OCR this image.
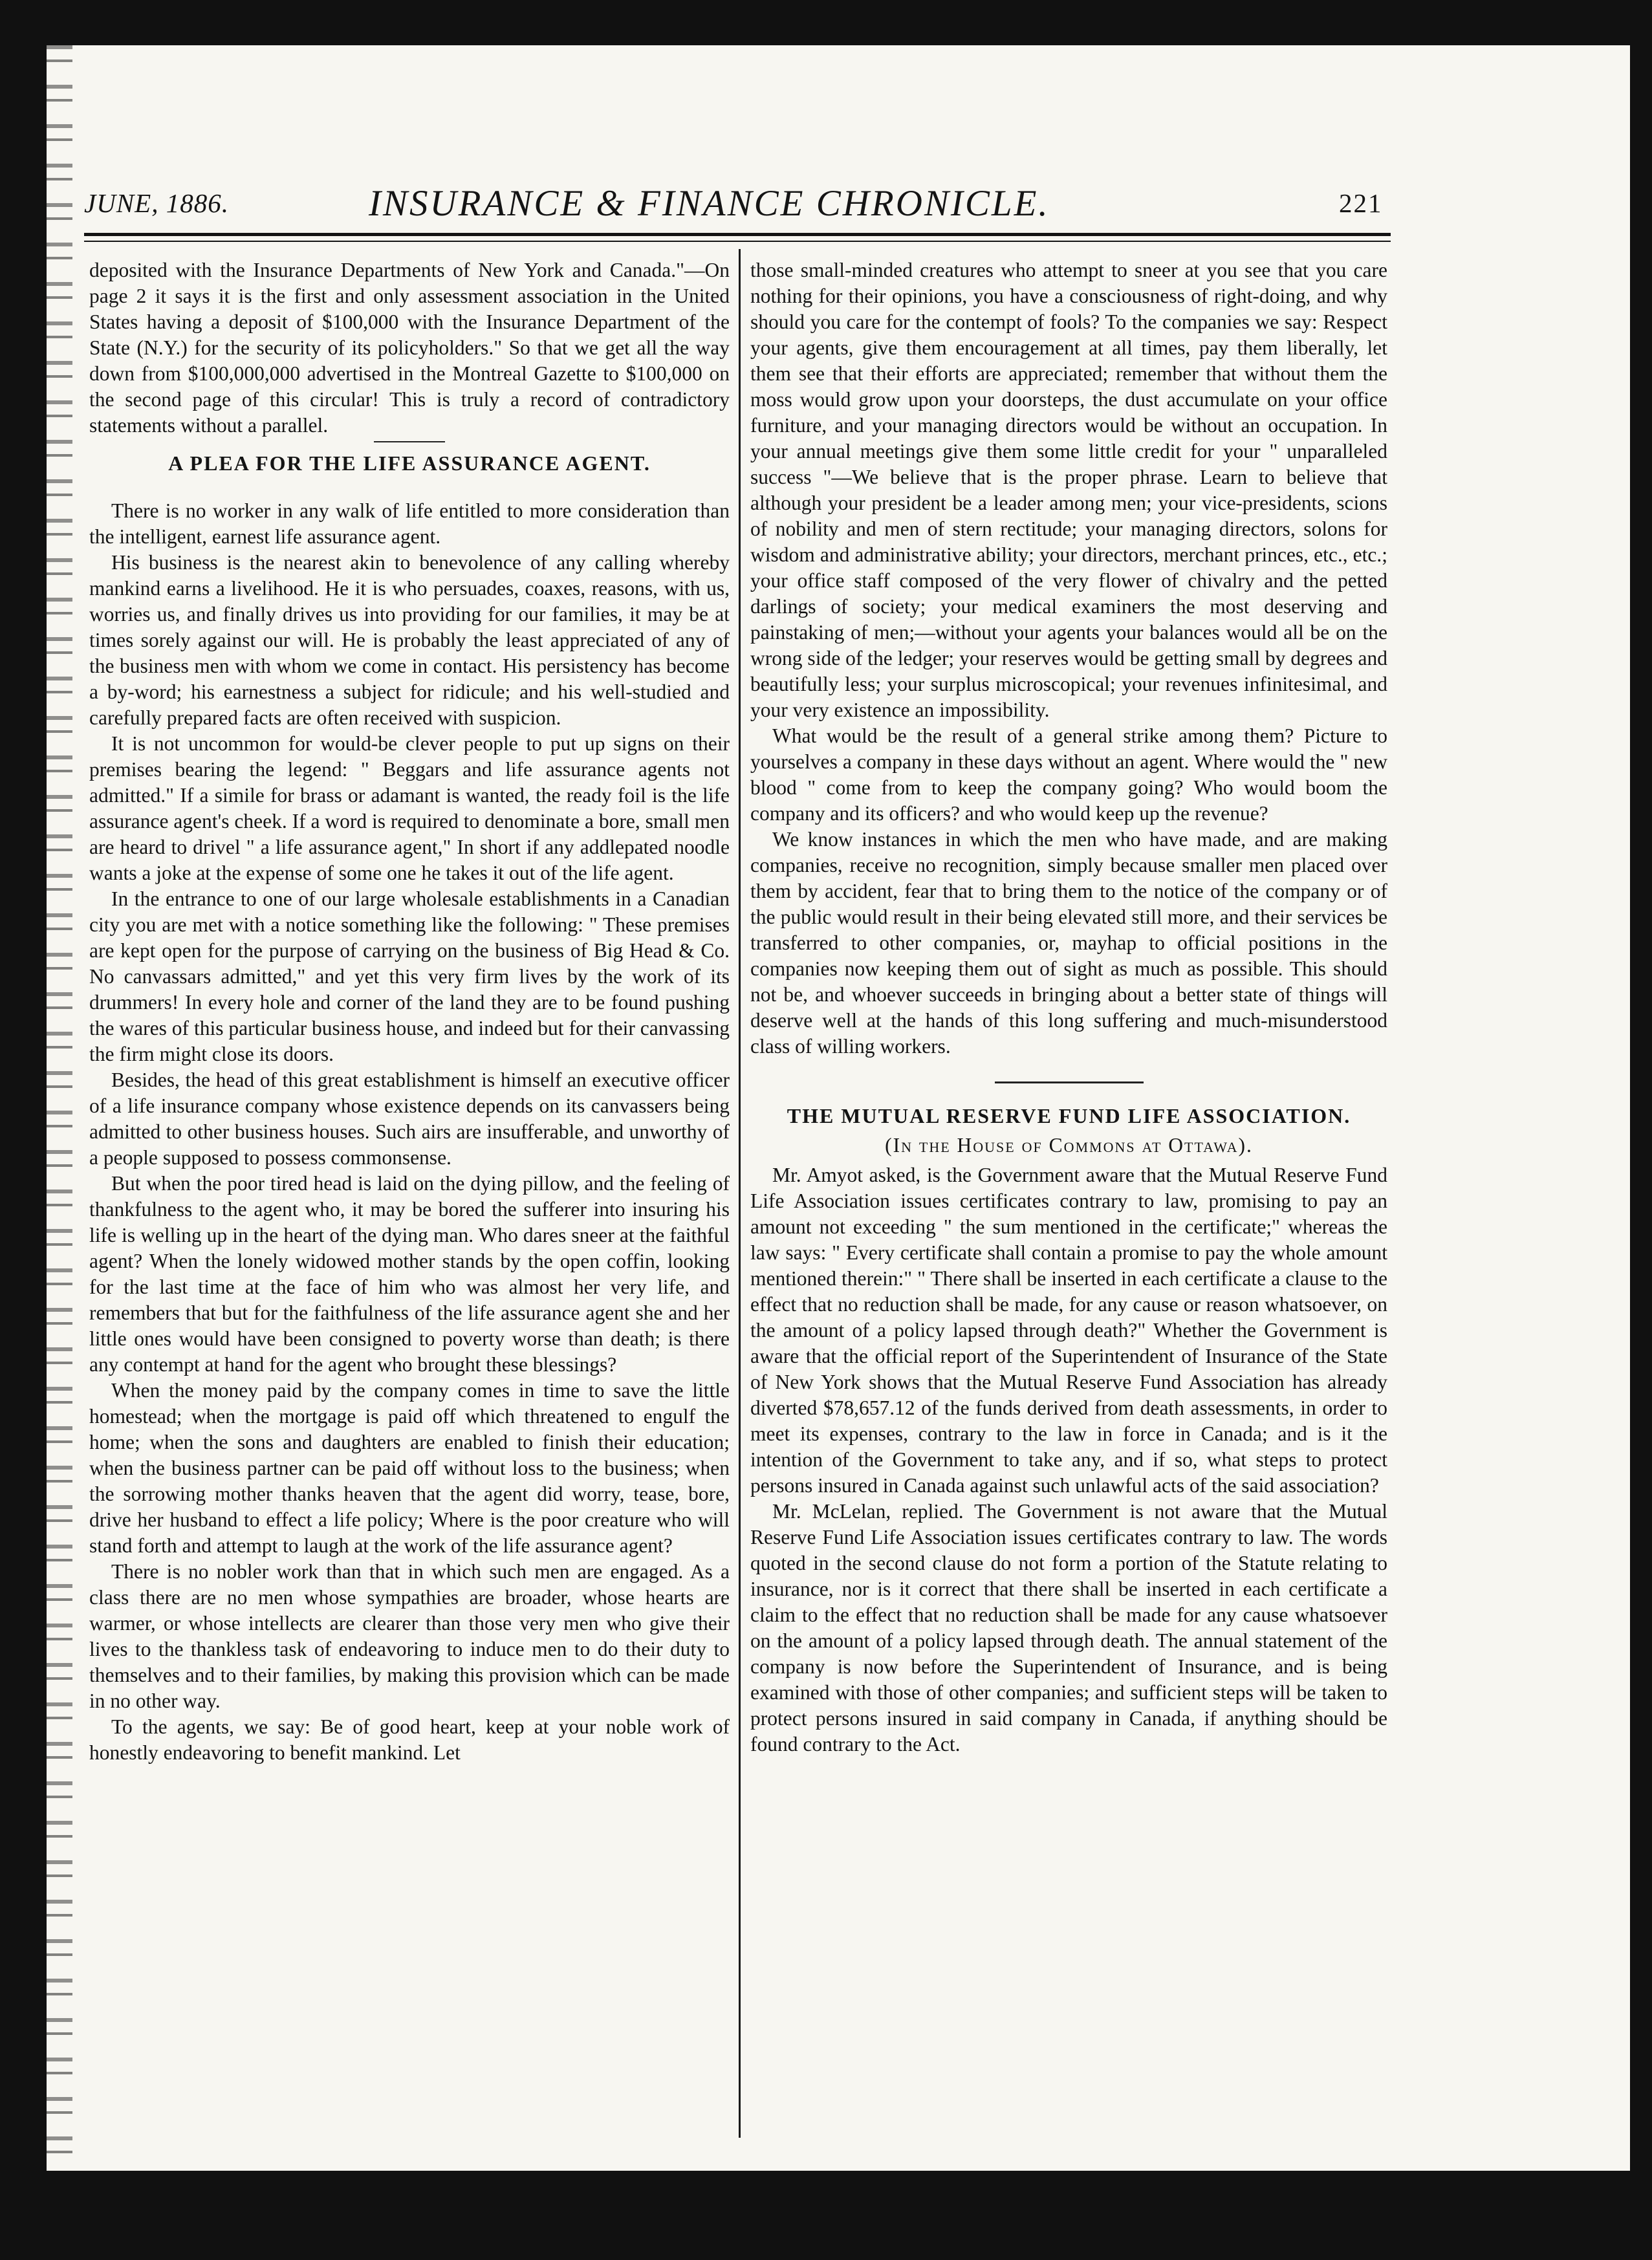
JUNE, 1886.	INSURANCE & FINANCE CHRONICLE.	221

deposited with the Insurance Departments of New York and Canada."—On page 2 it says it is the first and only assessment association in the United States having a deposit of $100,000 with the Insurance Department of the State (N.Y.) for the security of its policyholders." So that we get all the way down from $100,000,000 advertised in the Montreal Gazette to $100,000 on the second page of this circular! This is truly a record of contradictory statements without a parallel.

A PLEA FOR THE LIFE ASSURANCE AGENT.

There is no worker in any walk of life entitled to more consideration than the intelligent, earnest life assurance agent.

His business is the nearest akin to benevolence of any calling whereby mankind earns a livelihood. He it is who persuades, coaxes, reasons, with us, worries us, and finally drives us into providing for our families, it may be at times sorely against our will. He is probably the least appreciated of any of the business men with whom we come in contact. His persistency has become a by-word; his earnestness a subject for ridicule; and his well-studied and carefully prepared facts are often received with suspicion.

It is not uncommon for would-be clever people to put up signs on their premises bearing the legend: " Beggars and life assurance agents not admitted." If a simile for brass or adamant is wanted, the ready foil is the life assurance agent's cheek. If a word is required to denominate a bore, small men are heard to drivel " a life assurance agent," In short if any addlepated noodle wants a joke at the expense of some one he takes it out of the life agent.

In the entrance to one of our large wholesale establishments in a Canadian city you are met with a notice something like the following: " These premises are kept open for the purpose of carrying on the business of Big Head & Co. No canvassars admitted," and yet this very firm lives by the work of its drummers! In every hole and corner of the land they are to be found pushing the wares of this particular business house, and indeed but for their canvassing the firm might close its doors.

Besides, the head of this great establishment is himself an executive officer of a life insurance company whose existence depends on its canvassers being admitted to other business houses. Such airs are insufferable, and unworthy of a people supposed to possess commonsense.

But when the poor tired head is laid on the dying pillow, and the feeling of thankfulness to the agent who, it may be bored the sufferer into insuring his life is welling up in the heart of the dying man. Who dares sneer at the faithful agent? When the lonely widowed mother stands by the open coffin, looking for the last time at the face of him who was almost her very life, and remembers that but for the faithfulness of the life assurance agent she and her little ones would have been consigned to poverty worse than death; is there any contempt at hand for the agent who brought these blessings?

When the money paid by the company comes in time to save the little homestead; when the mortgage is paid off which threatened to engulf the home; when the sons and daughters are enabled to finish their education; when the business partner can be paid off without loss to the business; when the sorrowing mother thanks heaven that the agent did worry, tease, bore, drive her husband to effect a life policy; Where is the poor creature who will stand forth and attempt to laugh at the work of the life assurance agent?

There is no nobler work than that in which such men are engaged. As a class there are no men whose sympathies are broader, whose hearts are warmer, or whose intellects are clearer than those very men who give their lives to the thankless task of endeavoring to induce men to do their duty to themselves and to their families, by making this provision which can be made in no other way.

To the agents, we say: Be of good heart, keep at your noble work of honestly endeavoring to benefit mankind. Let

those small-minded creatures who attempt to sneer at you see that you care nothing for their opinions, you have a consciousness of right-doing, and why should you care for the contempt of fools? To the companies we say: Respect your agents, give them encouragement at all times, pay them liberally, let them see that their efforts are appreciated; remember that without them the moss would grow upon your doorsteps, the dust accumulate on your office furniture, and your managing directors would be without an occupation. In your annual meetings give them some little credit for your " unparalleled success "—We believe that is the proper phrase. Learn to believe that although your president be a leader among men; your vice-presidents, scions of nobility and men of stern rectitude; your managing directors, solons for wisdom and administrative ability; your directors, merchant princes, etc., etc.; your office staff composed of the very flower of chivalry and the petted darlings of society; your medical examiners the most deserving and painstaking of men;—without your agents your balances would all be on the wrong side of the ledger; your reserves would be getting small by degrees and beautifully less; your surplus microscopical; your revenues infinitesimal, and your very existence an impossibility.

What would be the result of a general strike among them? Picture to yourselves a company in these days without an agent. Where would the " new blood " come from to keep the company going? Who would boom the company and its officers? and who would keep up the revenue?

We know instances in which the men who have made, and are making companies, receive no recognition, simply because smaller men placed over them by accident, fear that to bring them to the notice of the company or of the public would result in their being elevated still more, and their services be transferred to other companies, or, mayhap to official positions in the companies now keeping them out of sight as much as possible. This should not be, and whoever succeeds in bringing about a better state of things will deserve well at the hands of this long suffering and much-misunderstood class of willing workers.

THE MUTUAL RESERVE FUND LIFE ASSOCIATION.
(In the House of Commons at Ottawa).

Mr. Amyot asked, is the Government aware that the Mutual Reserve Fund Life Association issues certificates contrary to law, promising to pay an amount not exceeding " the sum mentioned in the certificate;" whereas the law says: " Every certificate shall contain a promise to pay the whole amount mentioned therein:" " There shall be inserted in each certificate a clause to the effect that no reduction shall be made, for any cause or reason whatsoever, on the amount of a policy lapsed through death?" Whether the Government is aware that the official report of the Superintendent of Insurance of the State of New York shows that the Mutual Reserve Fund Association has already diverted $78,657.12 of the funds derived from death assessments, in order to meet its expenses, contrary to the law in force in Canada; and is it the intention of the Government to take any, and if so, what steps to protect persons insured in Canada against such unlawful acts of the said association?

Mr. McLelan, replied. The Government is not aware that the Mutual Reserve Fund Life Association issues certificates contrary to law. The words quoted in the second clause do not form a portion of the Statute relating to insurance, nor is it correct that there shall be inserted in each certificate a claim to the effect that no reduction shall be made for any cause whatsoever on the amount of a policy lapsed through death. The annual statement of the company is now before the Superintendent of Insurance, and is being examined with those of other companies; and sufficient steps will be taken to protect persons insured in said company in Canada, if anything should be found contrary to the Act.
